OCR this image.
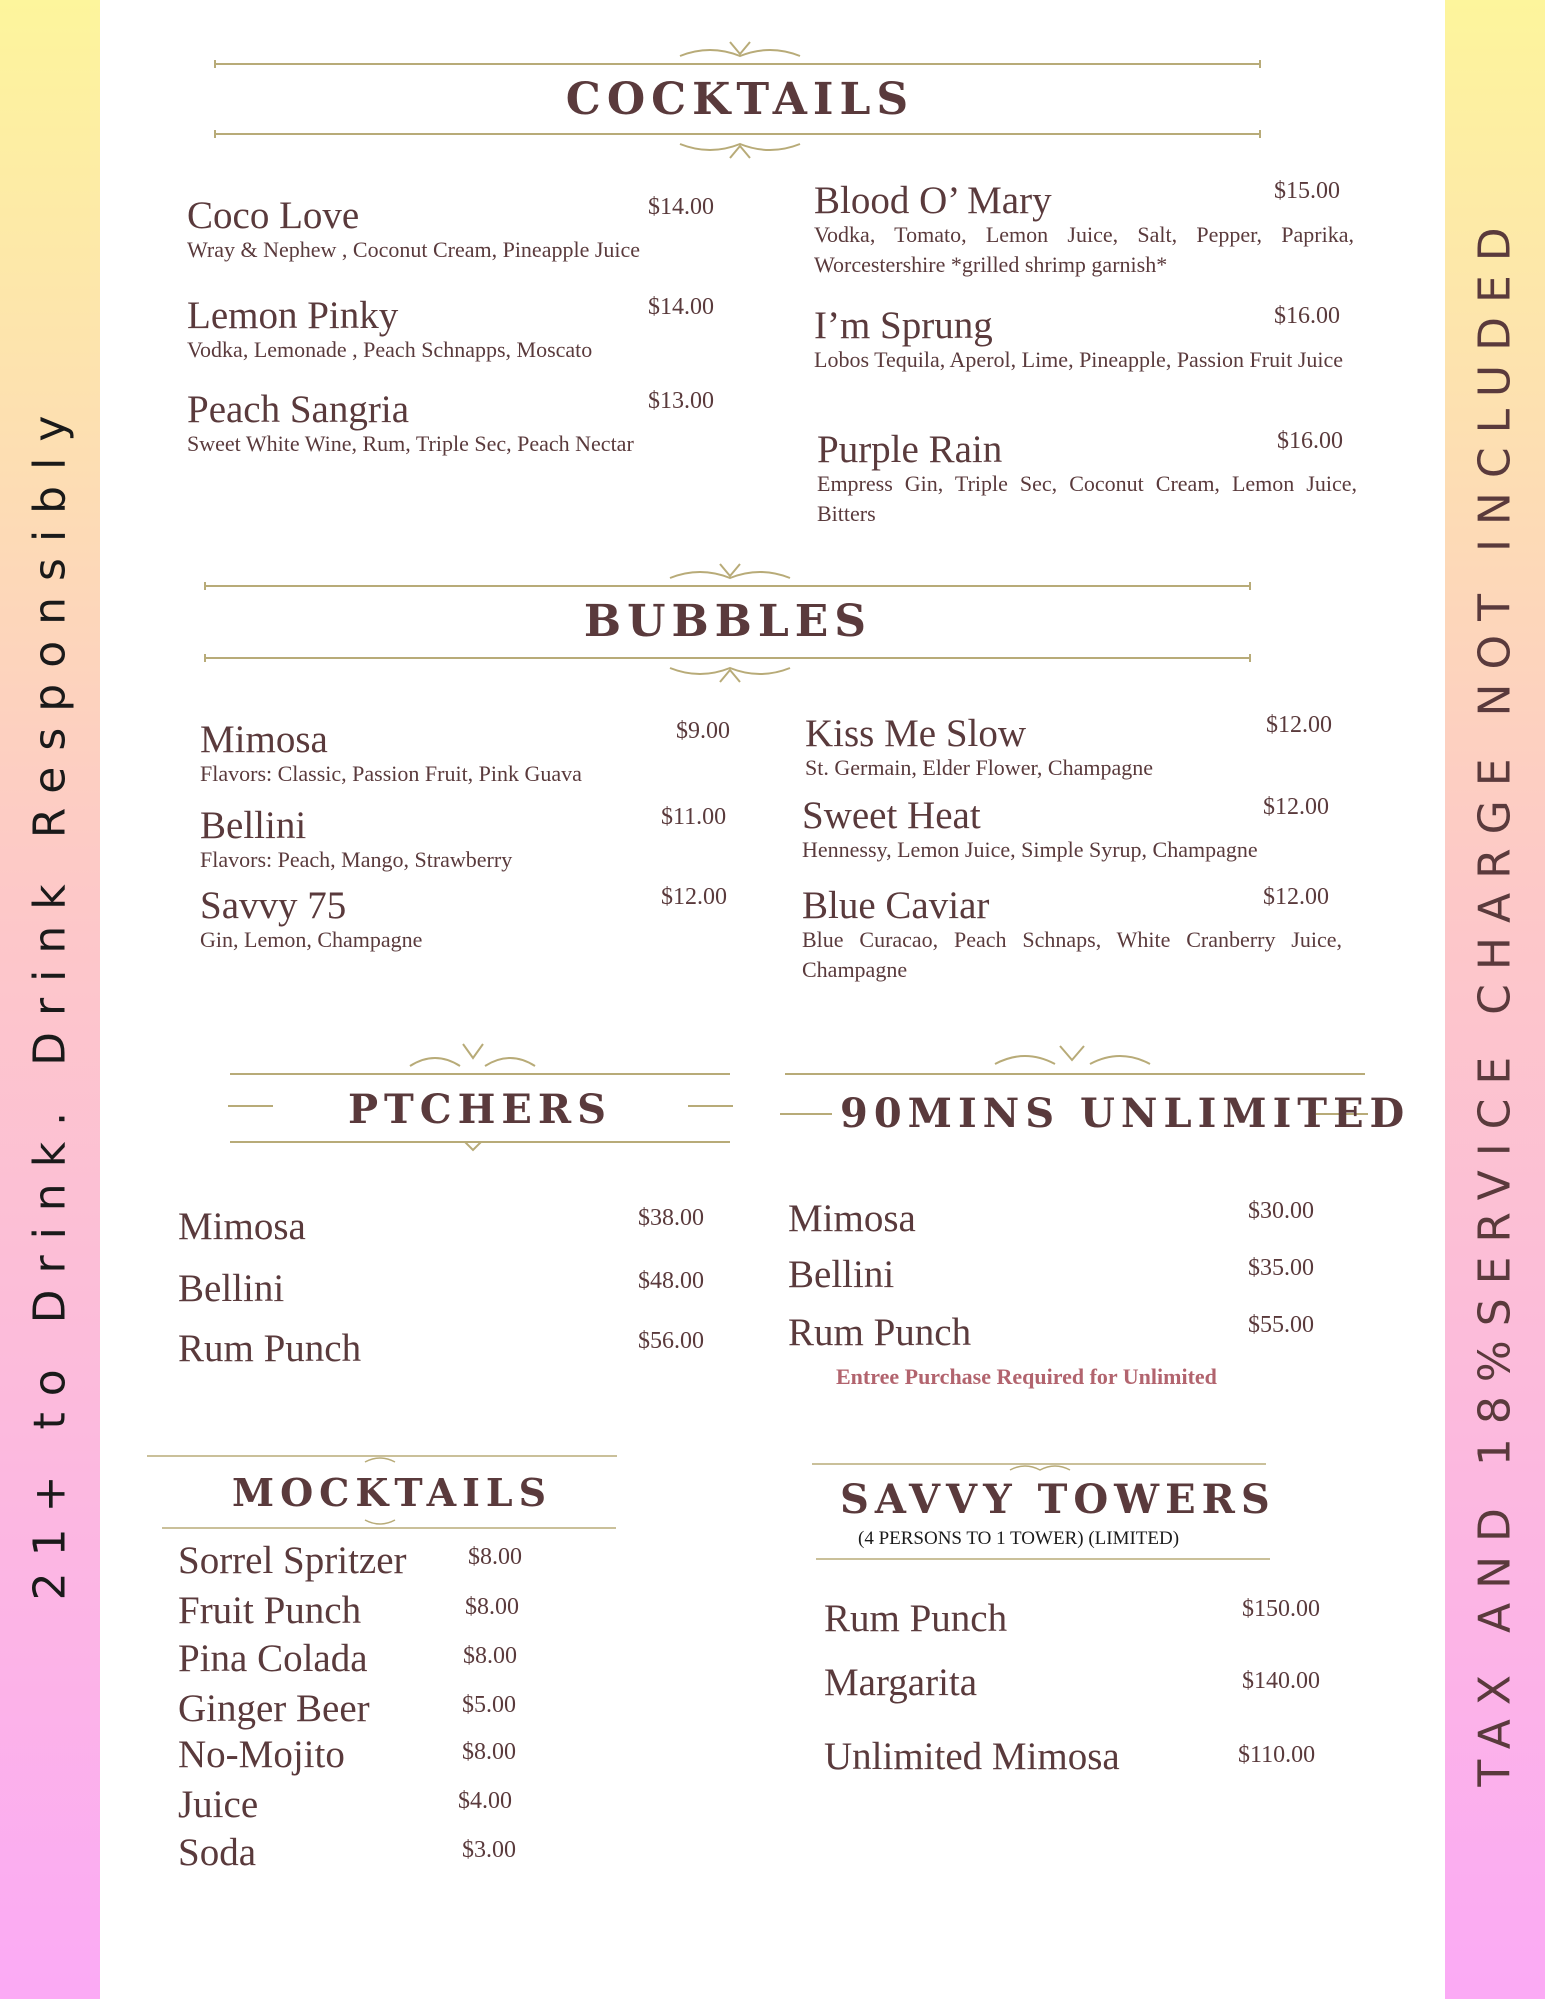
21+ to Drink. Drink Responsibly	TAX AND 18%SERVICE CHARGE NOT INCLUDED
COCKTAILS
Coco Love
Wray & Nephew , Coconut Cream, Pineapple Juice
$14.00
Lemon Pinky
Vodka, Lemonade , Peach Schnapps, Moscato
$14.00
Peach Sangria
Sweet White Wine, Rum, Triple Sec, Peach Nectar
$13.00
Blood O’ Mary
Vodka, Tomato, Lemon Juice, Salt, Pepper, Paprika, Worcestershire *grilled shrimp garnish*
$15.00
I’m Sprung
Lobos Tequila, Aperol, Lime, Pineapple, Passion Fruit Juice
$16.00
Purple Rain
Empress Gin, Triple Sec, Coconut Cream, Lemon Juice, Bitters
$16.00
BUBBLES
Mimosa
Flavors: Classic, Passion Fruit, Pink Guava
$9.00
Bellini
Flavors: Peach, Mango, Strawberry
$11.00
Savvy 75
Gin, Lemon, Champagne
$12.00
Kiss Me Slow
St. Germain, Elder Flower, Champagne
$12.00
Sweet Heat
Hennessy, Lemon Juice, Simple Syrup, Champagne
$12.00
Blue Caviar
Blue Curacao, Peach Schnaps, White Cranberry Juice, Champagne
$12.00
PTCHERS
Mimosa	$38.00
Bellini	$48.00
Rum Punch	$56.00
90MINS UNLIMITED
Mimosa	$30.00
Bellini	$35.00
Rum Punch	$55.00
Entree Purchase Required for Unlimited
MOCKTAILS
Sorrel Spritzer	$8.00
Fruit Punch	$8.00
Pina Colada	$8.00
Ginger Beer	$5.00
No-Mojito	$8.00
Juice	$4.00
Soda	$3.00
SAVVY TOWERS
(4 PERSONS TO 1 TOWER) (LIMITED)
Rum Punch	$150.00
Margarita	$140.00
Unlimited Mimosa	$110.00
